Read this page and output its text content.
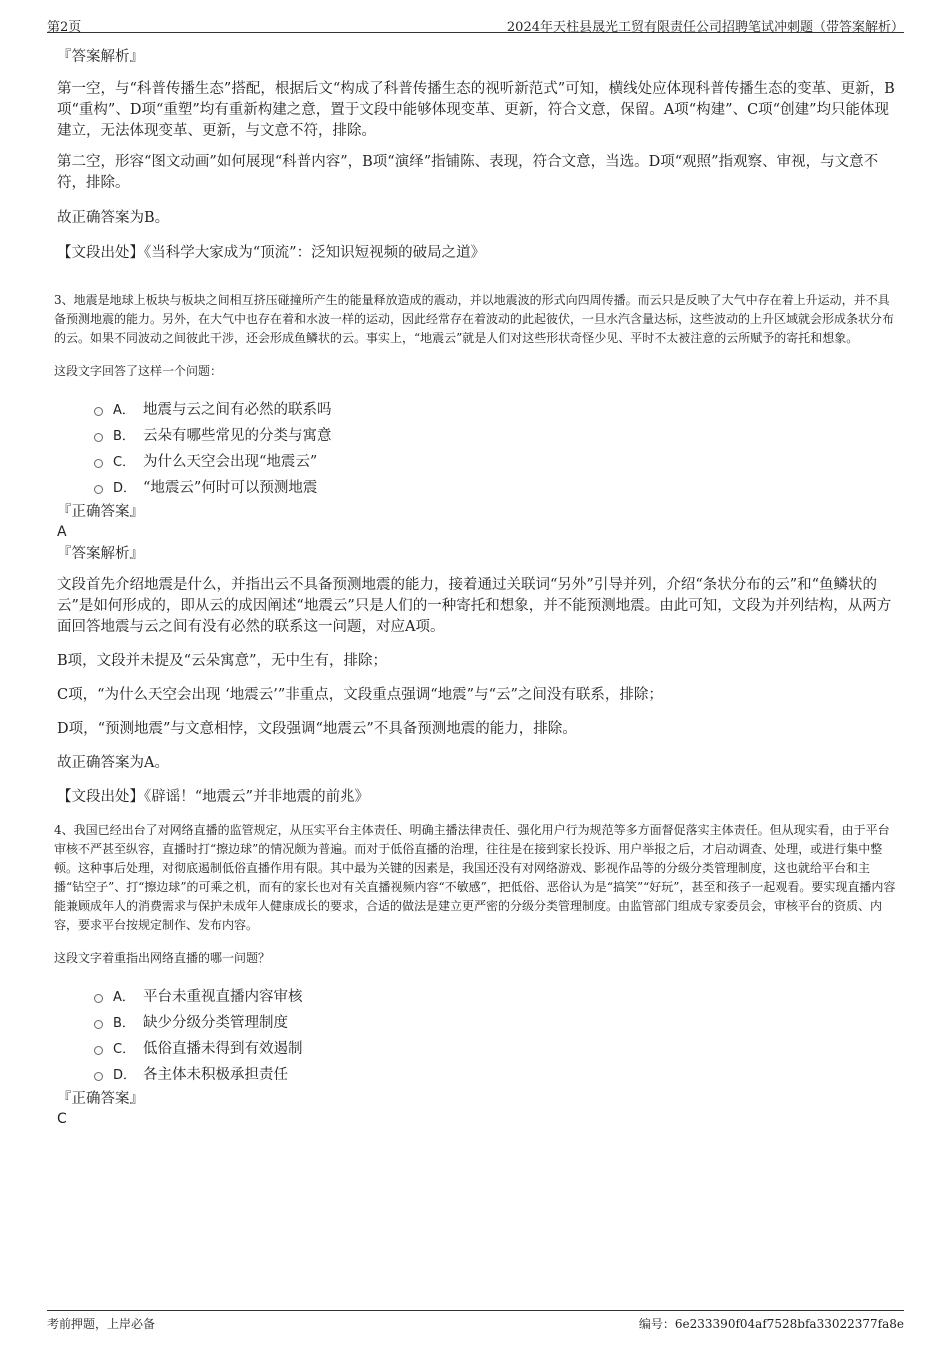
第2页	2024年天柱县晟光工贸有限责任公司招聘笔试冲刺题（带答案解析）

『答案解析』

第一空，与“科普传播生态”搭配，根据后文“构成了科普传播生态的视听新范式”可知，横线处应体现科普传播生态的变革、更新，B项“重构”、D项“重塑”均有重新构建之意，置于文段中能够体现变革、更新，符合文意，保留。A项“构建”、C项“创建”均只能体现建立，无法体现变革、更新，与文意不符，排除。

第二空，形容“图文动画”如何展现“科普内容”，B项“演绎”指铺陈、表现，符合文意，当选。D项“观照”指观察、审视，与文意不符，排除。

故正确答案为B。

【文段出处】《当科学大家成为“顶流”：泛知识短视频的破局之道》

3、地震是地球上板块与板块之间相互挤压碰撞所产生的能量释放造成的震动，并以地震波的形式向四周传播。而云只是反映了大气中存在着上升运动，并不具备预测地震的能力。另外，在大气中也存在着和水波一样的运动，因此经常存在着波动的此起彼伏，一旦水汽含量达标，这些波动的上升区域就会形成条状分布的云。如果不同波动之间彼此干涉，还会形成鱼鳞状的云。事实上，“地震云”就是人们对这些形状奇怪少见、平时不太被注意的云所赋予的寄托和想象。

这段文字回答了这样一个问题：

A． 地震与云之间有必然的联系吗
B． 云朵有哪些常见的分类与寓意
C． 为什么天空会出现“地震云”
D． “地震云”何时可以预测地震

『正确答案』

A

『答案解析』

文段首先介绍地震是什么，并指出云不具备预测地震的能力，接着通过关联词“另外”引导并列，介绍“条状分布的云”和“鱼鳞状的云”是如何形成的，即从云的成因阐述“地震云”只是人们的一种寄托和想象，并不能预测地震。由此可知，文段为并列结构，从两方面回答地震与云之间有没有必然的联系这一问题，对应A项。

B项，文段并未提及“云朵寓意”，无中生有，排除；

C项，“为什么天空会出现 ‘地震云’”非重点，文段重点强调“地震”与“云”之间没有联系，排除；

D项，“预测地震”与文意相悖，文段强调“地震云”不具备预测地震的能力，排除。

故正确答案为A。

【文段出处】《辟谣！“地震云”并非地震的前兆》

4、我国已经出台了对网络直播的监管规定，从压实平台主体责任、明确主播法律责任、强化用户行为规范等多方面督促落实主体责任。但从现实看，由于平台审核不严甚至纵容，直播时打“擦边球”的情况颇为普遍。而对于低俗直播的治理，往往是在接到家长投诉、用户举报之后，才启动调查、处理，或进行集中整顿。这种事后处理，对彻底遏制低俗直播作用有限。其中最为关键的因素是，我国还没有对网络游戏、影视作品等的分级分类管理制度，这也就给平台和主播“钻空子”、打“擦边球”的可乘之机，而有的家长也对有关直播视频内容“不敏感”，把低俗、恶俗认为是“搞笑”“好玩”，甚至和孩子一起观看。要实现直播内容能兼顾成年人的消费需求与保护未成年人健康成长的要求，合适的做法是建立更严密的分级分类管理制度。由监管部门组成专家委员会，审核平台的资质、内容，要求平台按规定制作、发布内容。

这段文字着重指出网络直播的哪一问题？

A． 平台未重视直播内容审核
B． 缺少分级分类管理制度
C． 低俗直播未得到有效遏制
D． 各主体未积极承担责任

『正确答案』

C

考前押题，上岸必备	编号：6e233390f04af7528bfa33022377fa8e
